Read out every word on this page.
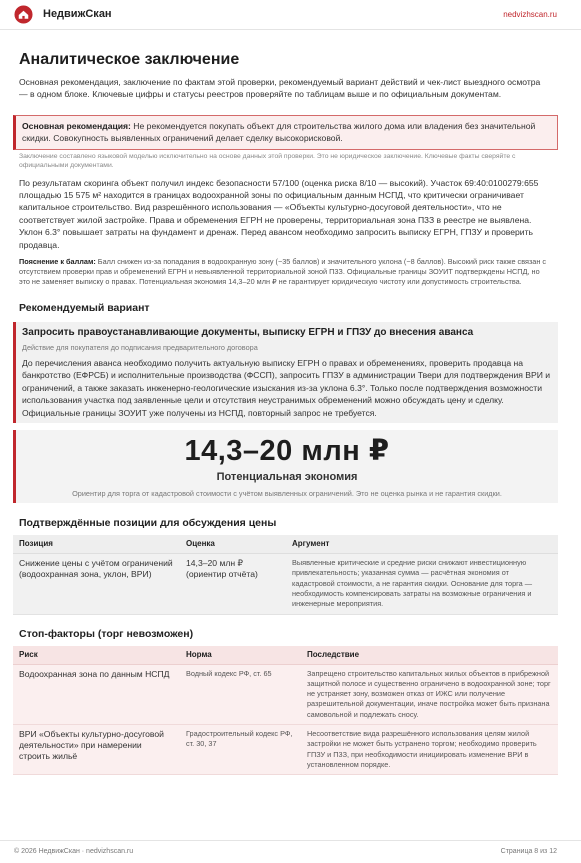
НедвижСкан	nedvizhscan.ru
Аналитическое заключение

Основная рекомендация, заключение по фактам этой проверки, рекомендуемый вариант действий и чек-лист выездного осмотра — в одном блоке. Ключевые цифры и статусы реестров проверяйте по таблицам выше и по официальным документам.

Основная рекомендация: Не рекомендуется покупать объект для строительства жилого дома или владения без значительной скидки. Совокупность выявленных ограничений делает сделку высокорисковой.

Заключение составлено языковой моделью исключительно на основе данных этой проверки. Это не юридическое заключение. Ключевые факты сверяйте с официальными документами.

По результатам скоринга объект получил индекс безопасности 57/100 (оценка риска 8/10 — высокий). Участок 69:40:0100279:655 площадью 15 575 м² находится в границах водоохранной зоны по официальным данным НСПД, что критически ограничивает капитальное строительство. Вид разрешённого использования — «Объекты культурно-досуговой деятельности», что не соответствует жилой застройке. Права и обременения ЕГРН не проверены, территориальная зона П3З в реестре не выявлена. Уклон 6.3° повышает затраты на фундамент и дренаж. Перед авансом необходимо запросить выписку ЕГРН, ГПЗУ и проверить продавца.

Пояснение к баллам: Балл снижен из-за попадания в водоохранную зону (−35 баллов) и значительного уклона (−8 баллов). Высокий риск также связан с отсутствием проверки прав и обременений ЕГРН и невыявленной территориальной зоной П3З. Официальные границы ЗОУИТ подтверждены НСПД, но это не заменяет выписку о правах. Потенциальная экономия 14,3–20 млн ₽ не гарантирует юридическую чистоту или допустимость строительства.

Рекомендуемый вариант
Запросить правоустанавливающие документы, выписку ЕГРН и ГПЗУ до внесения аванса
Действие для покупателя до подписания предварительного договора
До перечисления аванса необходимо получить актуальную выписку ЕГРН о правах и обременениях, проверить продавца на банкротство (ЕФРСБ) и исполнительные производства (ФССП), запросить ГПЗУ в администрации Твери для подтверждения ВРИ и ограничений, а также заказать инженерно-геологические изыскания из-за уклона 6.3°. Только после подтверждения возможности использования участка под заявленные цели и отсутствия неустранимых обременений можно обсуждать цену и сделку. Официальные границы ЗОУИТ уже получены из НСПД, повторный запрос не требуется.
14,3–20 млн ₽
Потенциальная экономия
Ориентир для торга от кадастровой стоимости с учётом выявленных ограничений. Это не оценка рынка и не гарантия скидки.
Подтверждённые позиции для обсуждения цены
Позиция	Оценка	Аргумент
Снижение цены с учётом ограничений (водоохранная зона, уклон, ВРИ)	14,3–20 млн ₽ (ориентир отчёта)	Выявленные критические и средние риски снижают инвестиционную привлекательность; указанная сумма — расчётная экономия от кадастровой стоимости, а не гарантия скидки. Основание для торга — необходимость компенсировать затраты на возможные ограничения и инженерные мероприятия.
Стоп-факторы (торг невозможен)
Риск	Норма	Последствие
Водоохранная зона по данным НСПД	Водный кодекс РФ, ст. 65	Запрещено строительство капитальных жилых объектов в прибрежной защитной полосе и существенно ограничено в водоохранной зоне; торг не устраняет зону, возможен отказ от ИЖС или получение разрешительной документации, иначе постройка может быть признана самовольной и подлежать сносу.
ВРИ «Объекты культурно-досуговой деятельности» при намерении строить жильё	Градостроительный кодекс РФ, ст. 30, 37	Несоответствие вида разрешённого использования целям жилой застройки не может быть устранено торгом; необходимо проверить ГПЗУ и П3З, при необходимости инициировать изменение ВРИ в установленном порядке.
© 2026 НедвижСкан · nedvizhscan.ru	Страница 8 из 12
